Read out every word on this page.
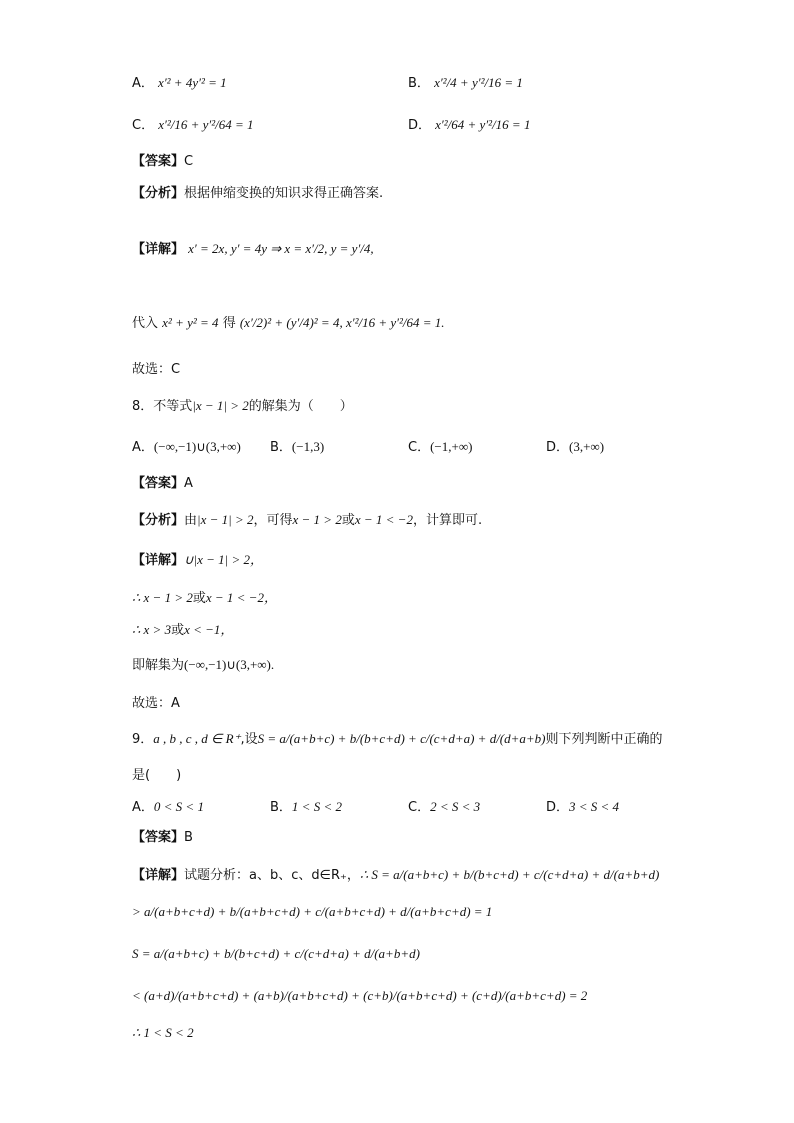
A． x′² + 4y′² = 1	B． x′²/4 + y′²/16 = 1
C． x′²/16 + y′²/64 = 1	D． x′²/64 + y′²/16 = 1
【答案】C
【分析】根据伸缩变换的知识求得正确答案.
【详解】 x′ = 2x, y′ = 4y ⇒ x = x′/2, y = y′/4,
代入 x² + y² = 4 得 (x′/2)² + (y′/4)² = 4, x′²/16 + y′²/64 = 1.
故选：C
8．不等式|x − 1| > 2的解集为（　　）
A．(−∞,−1)∪(3,+∞) B．(−1,3)	C．(−1,+∞)	D．(3,+∞)
【答案】A
【分析】由|x − 1| > 2，可得x − 1 > 2或x − 1 < −2，计算即可.
【详解】∪|x − 1| > 2，
∴ x − 1 > 2或x − 1 < −2，
∴ x > 3或x < −1，
即解集为(−∞,−1)∪(3,+∞).
故选：A
9．a , b , c , d ∈ R⁺,设S = a/(a+b+c) + b/(b+c+d) + c/(c+d+a) + d/(d+a+b)则下列判断中正确的
是(　　)
A．0 < S < 1	B．1 < S < 2	C．2 < S < 3	D．3 < S < 4
【答案】B
【详解】试题分析：a、b、c、d∈R₊，∴ S = a/(a+b+c) + b/(b+c+d) + c/(c+d+a) + d/(a+b+d)
> a/(a+b+c+d) + b/(a+b+c+d) + c/(a+b+c+d) + d/(a+b+c+d) = 1
S = a/(a+b+c) + b/(b+c+d) + c/(c+d+a) + d/(a+b+d)
< (a+d)/(a+b+c+d) + (a+b)/(a+b+c+d) + (c+b)/(a+b+c+d) + (c+d)/(a+b+c+d) = 2
∴ 1 < S < 2
